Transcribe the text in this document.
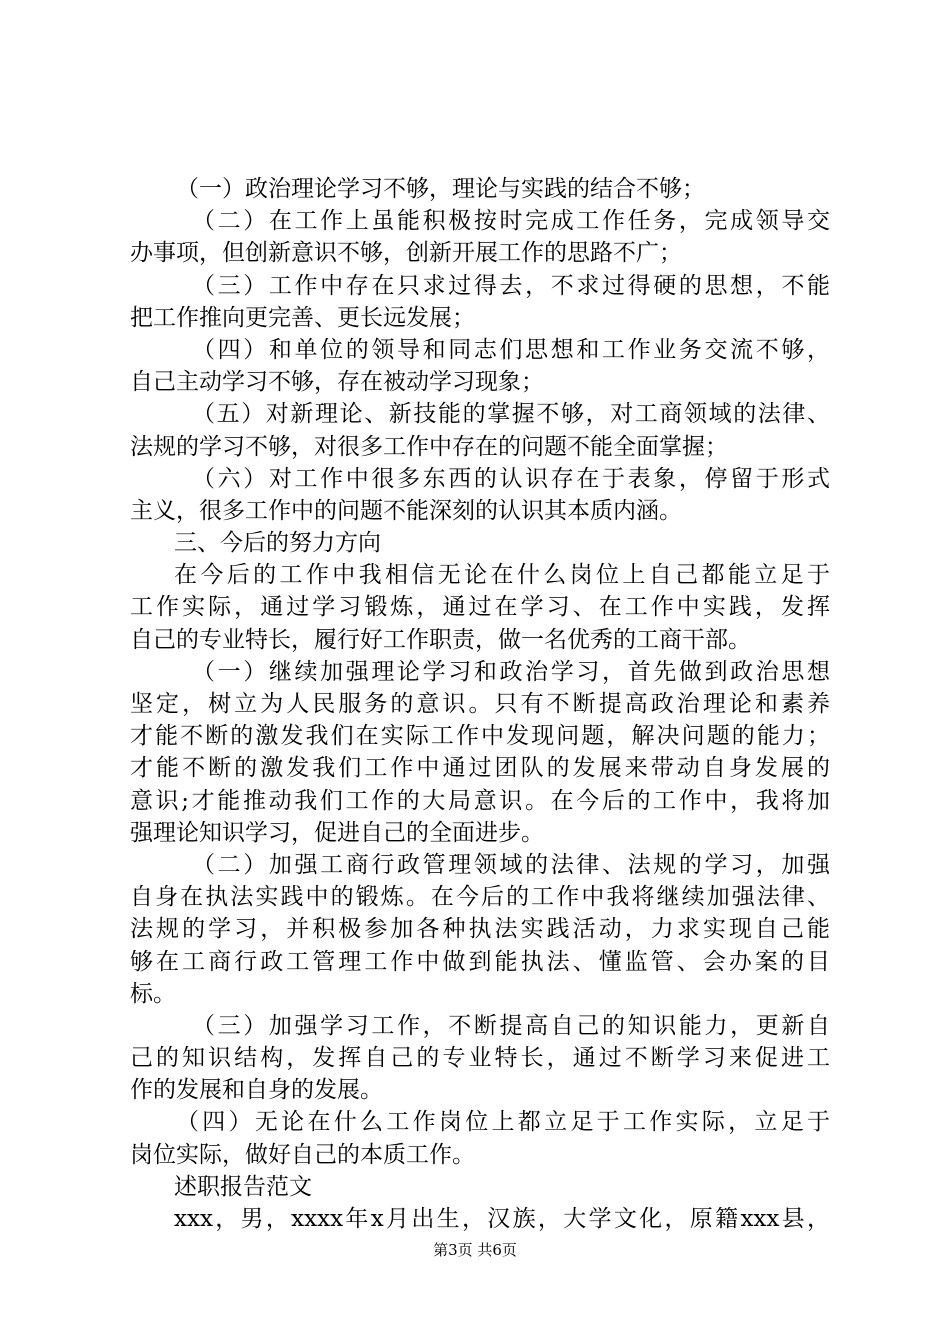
（一）政治理论学习不够，理论与实践的结合不够；
（二）在工作上虽能积极按时完成工作任务，完成领导交
办事项，但创新意识不够，创新开展工作的思路不广；
（三）工作中存在只求过得去，不求过得硬的思想，不能
把工作推向更完善、更长远发展；
（四）和单位的领导和同志们思想和工作业务交流不够，
自己主动学习不够，存在被动学习现象；
（五）对新理论、新技能的掌握不够，对工商领域的法律、
法规的学习不够，对很多工作中存在的问题不能全面掌握；
（六）对工作中很多东西的认识存在于表象，停留于形式
主义，很多工作中的问题不能深刻的认识其本质内涵。
三、今后的努力方向
在今后的工作中我相信无论在什么岗位上自己都能立足于
工作实际，通过学习锻炼，通过在学习、在工作中实践，发挥
自己的专业特长，履行好工作职责，做一名优秀的工商干部。
（一）继续加强理论学习和政治学习，首先做到政治思想
坚定，树立为人民服务的意识。只有不断提高政治理论和素养
才能不断的激发我们在实际工作中发现问题，解决问题的能力；
才能不断的激发我们工作中通过团队的发展来带动自身发展的
意识;才能推动我们工作的大局意识。在今后的工作中，我将加
强理论知识学习，促进自己的全面进步。
（二）加强工商行政管理领域的法律、法规的学习，加强
自身在执法实践中的锻炼。在今后的工作中我将继续加强法律、
法规的学习，并积极参加各种执法实践活动，力求实现自己能
够在工商行政工管理工作中做到能执法、懂监管、会办案的目
标。
（三）加强学习工作，不断提高自己的知识能力，更新自
己的知识结构，发挥自己的专业特长，通过不断学习来促进工
作的发展和自身的发展。
（四）无论在什么工作岗位上都立足于工作实际，立足于
岗位实际，做好自己的本质工作。
述职报告范文
xxx，男，xxxx年x月出生，汉族，大学文化，原籍xxx县，
第3页 共6页
